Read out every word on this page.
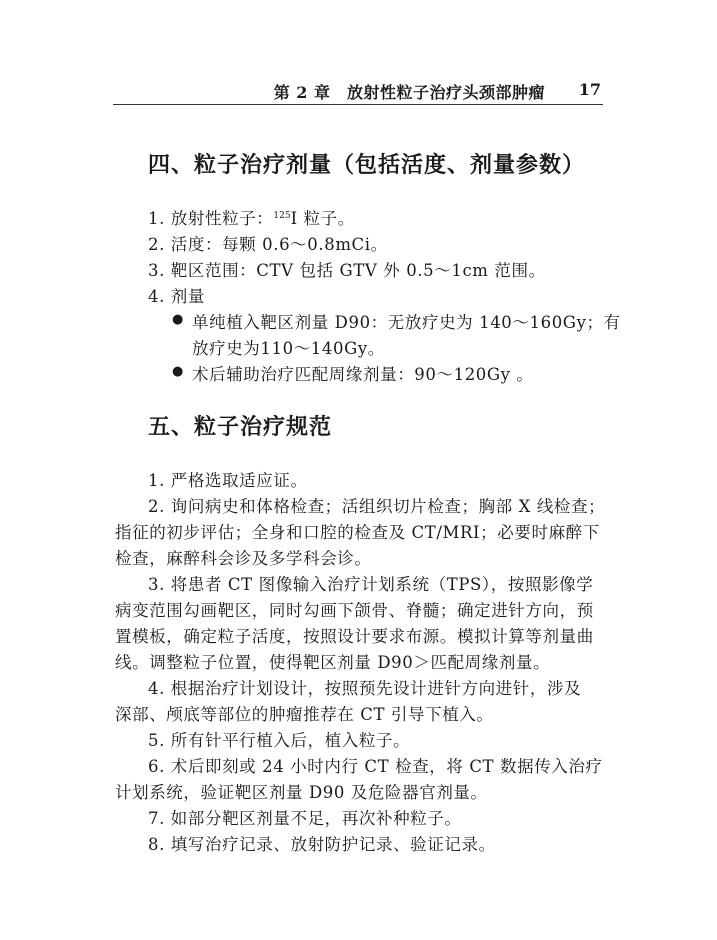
第 2 章　放射性粒子治疗头颈部肿瘤 17
四、粒子治疗剂量（包括活度、剂量参数）
1. 放射性粒子：$^{125}$I 粒子。
2. 活度：每颗 0.6～0.8mCi。
3. 靶区范围：CTV 包括 GTV 外 0.5～1cm 范围。
4. 剂量
● 单纯植入靶区剂量 D90：无放疗史为 140～160Gy；有
放疗史为110～140Gy。
● 术后辅助治疗匹配周缘剂量：90～120Gy 。
五、粒子治疗规范
1. 严格选取适应证。
2. 询问病史和体格检查；活组织切片检查；胸部 X 线检查；
指征的初步评估；全身和口腔的检查及 CT/MRI；必要时麻醉下
检查，麻醉科会诊及多学科会诊。
3. 将患者 CT 图像输入治疗计划系统（TPS），按照影像学
病变范围勾画靶区，同时勾画下颌骨、脊髓；确定进针方向，预
置模板，确定粒子活度，按照设计要求布源。模拟计算等剂量曲
线。调整粒子位置，使得靶区剂量 D90＞匹配周缘剂量。
4. 根据治疗计划设计，按照预先设计进针方向进针，涉及
深部、颅底等部位的肿瘤推荐在 CT 引导下植入。
5. 所有针平行植入后，植入粒子。
6. 术后即刻或 24 小时内行 CT 检查，将 CT 数据传入治疗
计划系统，验证靶区剂量 D90 及危险器官剂量。
7. 如部分靶区剂量不足，再次补种粒子。
8. 填写治疗记录、放射防护记录、验证记录。
